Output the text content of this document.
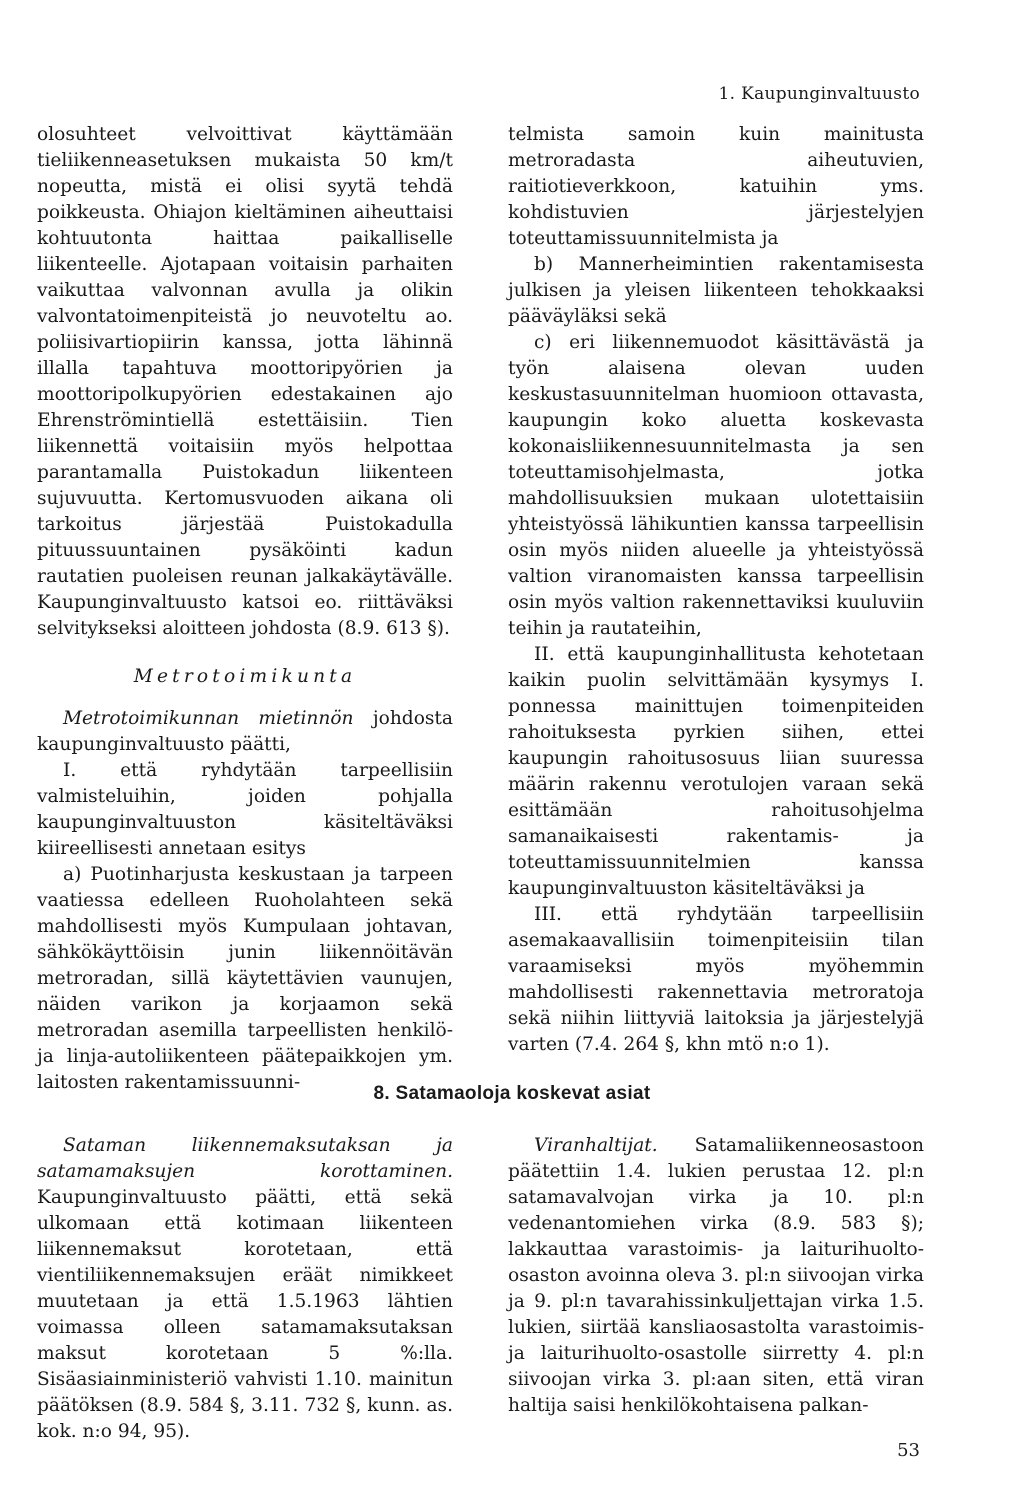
1. Kaupunginvaltuusto

olosuhteet velvoittivat käyttämään tieliikenneasetuksen mukaista 50 km/t nopeutta, mistä ei olisi syytä tehdä poikkeusta. Ohiajon kieltäminen aiheuttaisi kohtuutonta haittaa paikalliselle liikenteelle. Ajotapaan voitaisin parhaiten vaikuttaa valvonnan avulla ja olikin valvontatoimenpiteistä jo neuvoteltu ao. poliisivartiopiirin kanssa, jotta lähinnä illalla tapahtuva moottoripyörien ja moottoripolkupyörien edestakainen ajo Ehrenströmintiellä estettäisiin. Tien liikennettä voitaisiin myös helpottaa parantamalla Puistokadun liikenteen sujuvuutta. Kertomusvuoden aikana oli tarkoitus järjestää Puistokadulla pituussuuntainen pysäköinti kadun rautatien puoleisen reunan jalkakäytävälle. Kaupunginvaltuusto katsoi eo. riittäväksi selvitykseksi aloitteen johdosta (8.9. 613 §).

Metrotoimikunta

Metrotoimikunnan mietinnön johdosta kaupunginvaltuusto päätti,

I. että ryhdytään tarpeellisiin valmisteluihin, joiden pohjalla kaupunginvaltuuston käsiteltäväksi kiireellisesti annetaan esitys

a) Puotinharjusta keskustaan ja tarpeen vaatiessa edelleen Ruoholahteen sekä mahdollisesti myös Kumpulaan johtavan, sähkökäyttöisin junin liikennöitävän metroradan, sillä käytettävien vaunujen, näiden varikon ja korjaamon sekä metroradan asemilla tarpeellisten henkilö- ja linja-autoliikenteen päätepaikkojen ym. laitosten rakentamissuunni-

telmista samoin kuin mainitusta metroradasta aiheutuvien, raitiotieverkkoon, katuihin yms. kohdistuvien järjestelyjen toteuttamissuunnitelmista ja

b) Mannerheimintien rakentamisesta julkisen ja yleisen liikenteen tehokkaaksi pääväyläksi sekä

c) eri liikennemuodot käsittävästä ja työn alaisena olevan uuden keskustasuunnitelman huomioon ottavasta, kaupungin koko aluetta koskevasta kokonaisliikennesuunnitelmasta ja sen toteuttamisohjelmasta, jotka mahdollisuuksien mukaan ulotettaisiin yhteistyössä lähikuntien kanssa tarpeellisin osin myös niiden alueelle ja yhteistyössä valtion viranomaisten kanssa tarpeellisin osin myös valtion rakennettaviksi kuuluviin teihin ja rautateihin,

II. että kaupunginhallitusta kehotetaan kaikin puolin selvittämään kysymys I. ponnessa mainittujen toimenpiteiden rahoituksesta pyrkien siihen, ettei kaupungin rahoitusosuus liian suuressa määrin rakennu verotulojen varaan sekä esittämään rahoitusohjelma samanaikaisesti rakentamis- ja toteuttamissuunnitelmien kanssa kaupunginvaltuuston käsiteltäväksi ja

III. että ryhdytään tarpeellisiin asemakaavallisiin toimenpiteisiin tilan varaamiseksi myös myöhemmin mahdollisesti rakennettavia metroratoja sekä niihin liittyviä laitoksia ja järjestelyjä varten (7.4. 264 §, khn mtö n:o 1).

8. Satamaoloja koskevat asiat

Sataman liikennemaksutaksan ja satamamaksujen korottaminen. Kaupunginvaltuusto päätti, että sekä ulkomaan että kotimaan liikenteen liikennemaksut korotetaan, että vientiliikennemaksujen eräät nimikkeet muutetaan ja että 1.5.1963 lähtien voimassa olleen satamamaksutaksan maksut korotetaan 5 %:lla. Sisäasiainministeriö vahvisti 1.10. mainitun päätöksen (8.9. 584 §, 3.11. 732 §, kunn. as. kok. n:o 94, 95).

Viranhaltijat. Satamaliikenneosastoon päätettiin 1.4. lukien perustaa 12. pl:n satamavalvojan virka ja 10. pl:n vedenantomiehen virka (8.9. 583 §); lakkauttaa varastoimis- ja laiturihuolto-osaston avoinna oleva 3. pl:n siivoojan virka ja 9. pl:n tavarahissinkuljettajan virka 1.5. lukien, siirtää kansliaosastolta varastoimis- ja laiturihuolto-osastolle siirretty 4. pl:n siivoojan virka 3. pl:aan siten, että viran haltija saisi henkilökohtaisena palkan-

53
